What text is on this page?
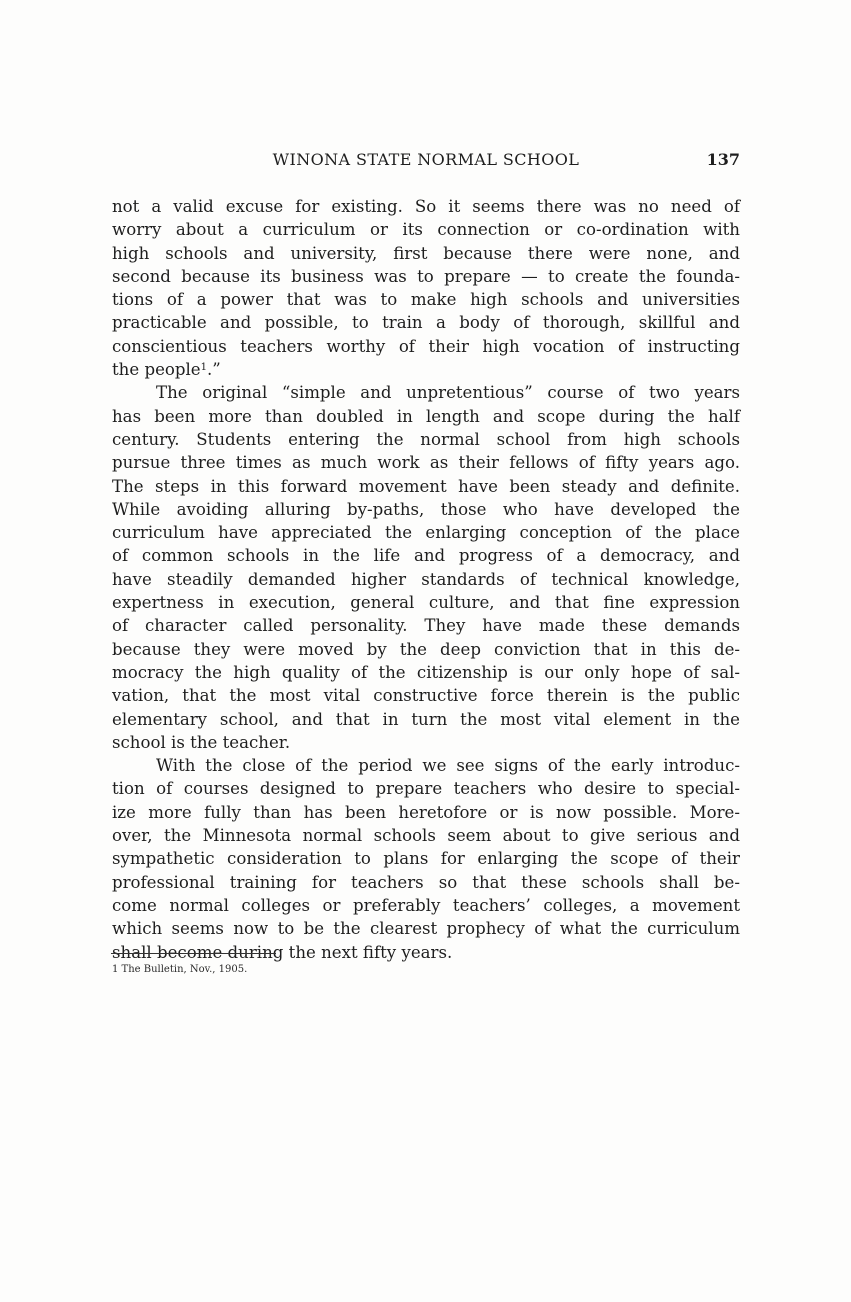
WINONA STATE NORMAL SCHOOL	137
not a valid excuse for existing. So it seems there was no need of
worry about a curriculum or its connection or co-ordination with
high schools and university, first because there were none, and
second because its business was to prepare — to create the founda-
tions of a power that was to make high schools and universities
practicable and possible, to train a body of thorough, skillful and
conscientious teachers worthy of their high vocation of instructing
the people$^1$.”
The original “simple and unpretentious” course of two years
has been more than doubled in length and scope during the half
century. Students entering the normal school from high schools
pursue three times as much work as their fellows of fifty years ago.
The steps in this forward movement have been steady and definite.
While avoiding alluring by-paths, those who have developed the
curriculum have appreciated the enlarging conception of the place
of common schools in the life and progress of a democracy, and
have steadily demanded higher standards of technical knowledge,
expertness in execution, general culture, and that fine expression
of character called personality. They have made these demands
because they were moved by the deep conviction that in this de-
mocracy the high quality of the citizenship is our only hope of sal-
vation, that the most vital constructive force therein is the public
elementary school, and that in turn the most vital element in the
school is the teacher.
With the close of the period we see signs of the early introduc-
tion of courses designed to prepare teachers who desire to special-
ize more fully than has been heretofore or is now possible. More-
over, the Minnesota normal schools seem about to give serious and
sympathetic consideration to plans for enlarging the scope of their
professional training for teachers so that these schools shall be-
come normal colleges or preferably teachers’ colleges, a movement
which seems now to be the clearest prophecy of what the curriculum
shall become during the next fifty years.
1 The Bulletin, Nov., 1905.
